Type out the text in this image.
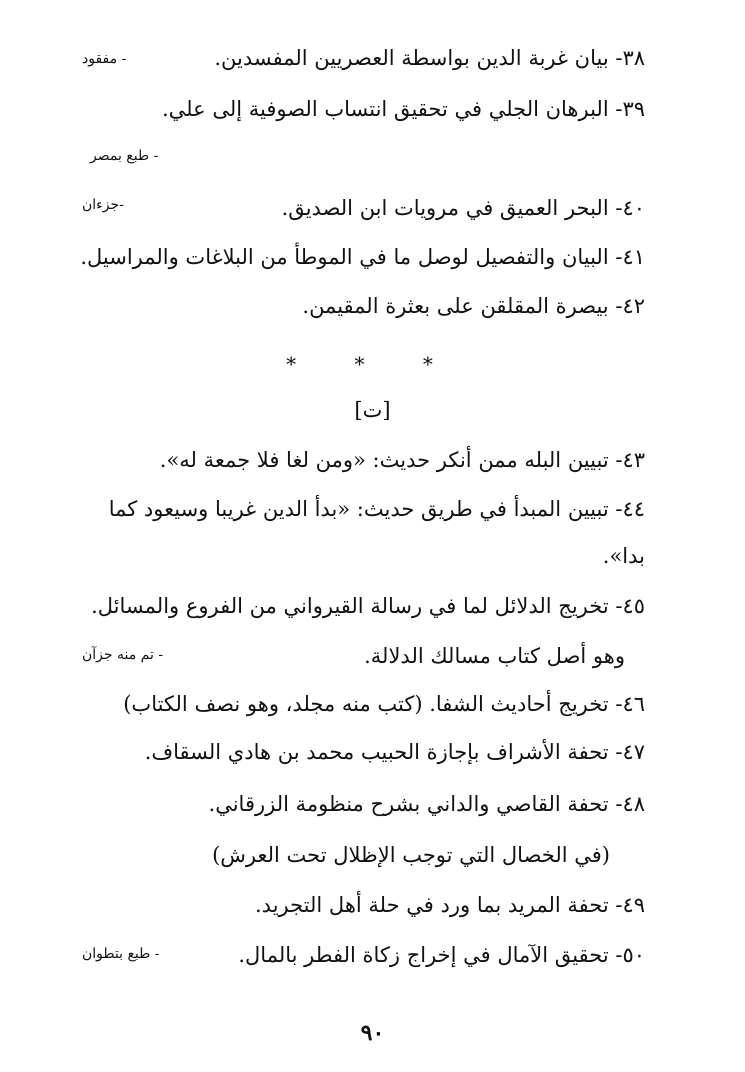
٣٨- بيان غربة الدين بواسطة العصريين المفسدين.
- مفقود
٣٩- البرهان الجلي في تحقيق انتساب الصوفية إلى علي.
- طبع بمصر
٤٠- البحر العميق في مرويات ابن الصديق.
-جزءان
٤١- البيان والتفصيل لوصل ما في الموطأ من البلاغات والمراسيل.
٤٢- بيصرة المقلقن على بعثرة المقيمن.
* * *
[ت]
٤٣- تبيين البله ممن أنكر حديث: «ومن لغا فلا جمعة له».
٤٤- تبيين المبدأ في طريق حديث: «بدأ الدين غريبا وسيعود كما
بدا».
٤٥- تخريج الدلائل لما في رسالة القيرواني من الفروع والمسائل.
وهو أصل كتاب مسالك الدلالة.
- تم منه جزآن
٤٦- تخريج أحاديث الشفا. (كتب منه مجلد، وهو نصف الكتاب)
٤٧- تحفة الأشراف بإجازة الحبيب محمد بن هادي السقاف.
٤٨- تحفة القاصي والداني بشرح منظومة الزرقاني.
(في الخصال التي توجب الإظلال تحت العرش)
٤٩- تحفة المريد بما ورد في حلة أهل التجريد.
٥٠- تحقيق الآمال في إخراج زكاة الفطر بالمال.
- طبع بتطوان
٩٠
